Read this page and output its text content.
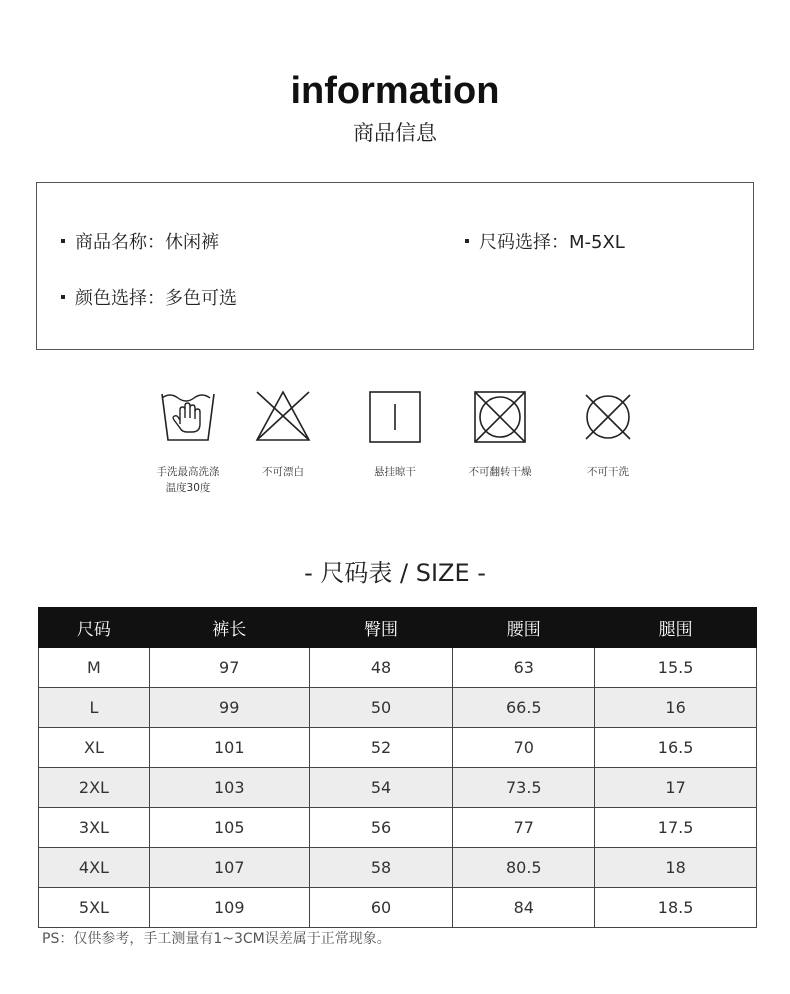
information
商品信息
商品名称：休闲裤	尺码选择：M-5XL
颜色选择：多色可选
手洗最高洗涤温度30度
不可漂白	悬挂晾干	不可翻转干燥	不可干洗
- 尺码表 / SIZE -
尺码	裤长	臀围	腰围	腿围
M	97	48	63	15.5
L	99	50	66.5	16
XL	101	52	70	16.5
2XL	103	54	73.5	17
3XL	105	56	77	17.5
4XL	107	58	80.5	18
5XL	109	60	84	18.5
PS：仅供参考，手工测量有1~3CM误差属于正常现象。
